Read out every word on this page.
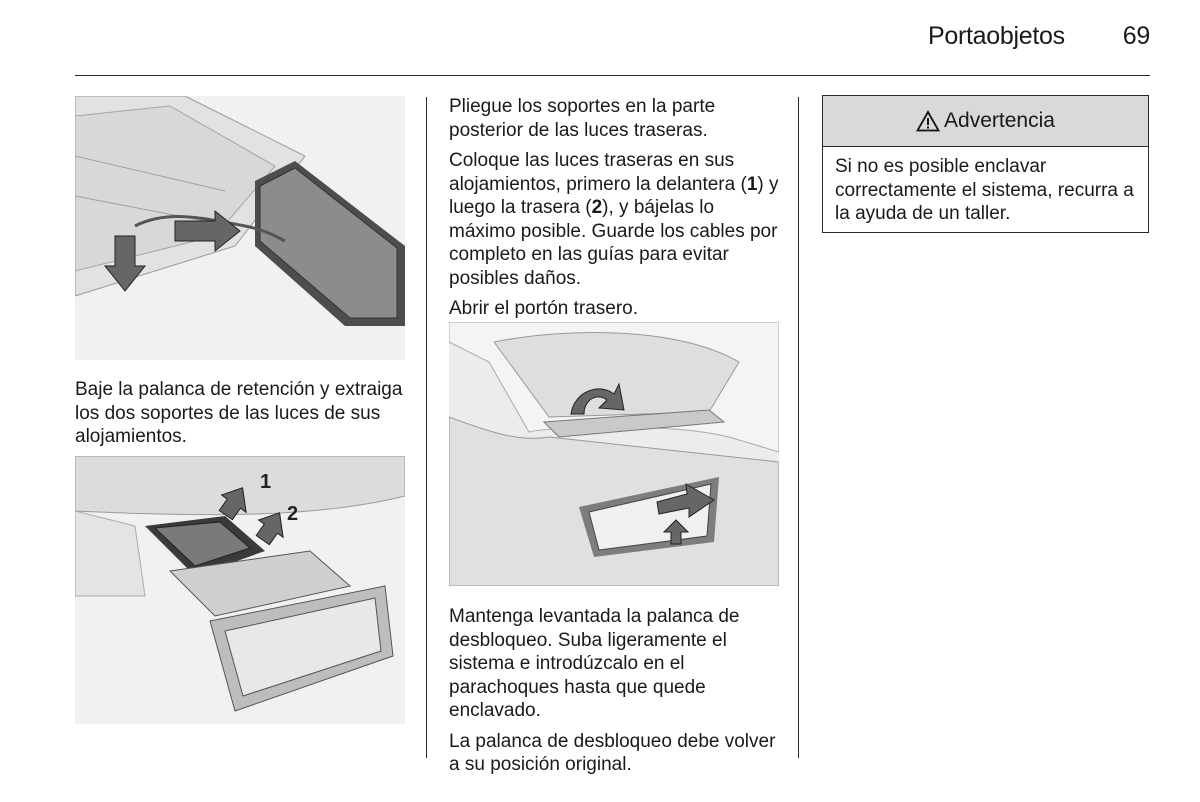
Portaobjetos 69

Baje la palanca de retención y extraiga los dos soportes de las luces de sus alojamientos.

1
2

Pliegue los soportes en la parte posterior de las luces traseras.

Coloque las luces traseras en sus alojamientos, primero la delantera (1) y luego la trasera (2), y bájelas lo máximo posible. Guarde los cables por completo en las guías para evitar posibles daños.

Abrir el portón trasero.

Mantenga levantada la palanca de desbloqueo. Suba ligeramente el sistema e introdúzcalo en el parachoques hasta que quede enclavado.

La palanca de desbloqueo debe volver a su posición original.

Advertencia
Si no es posible enclavar correctamente el sistema, recurra a la ayuda de un taller.
